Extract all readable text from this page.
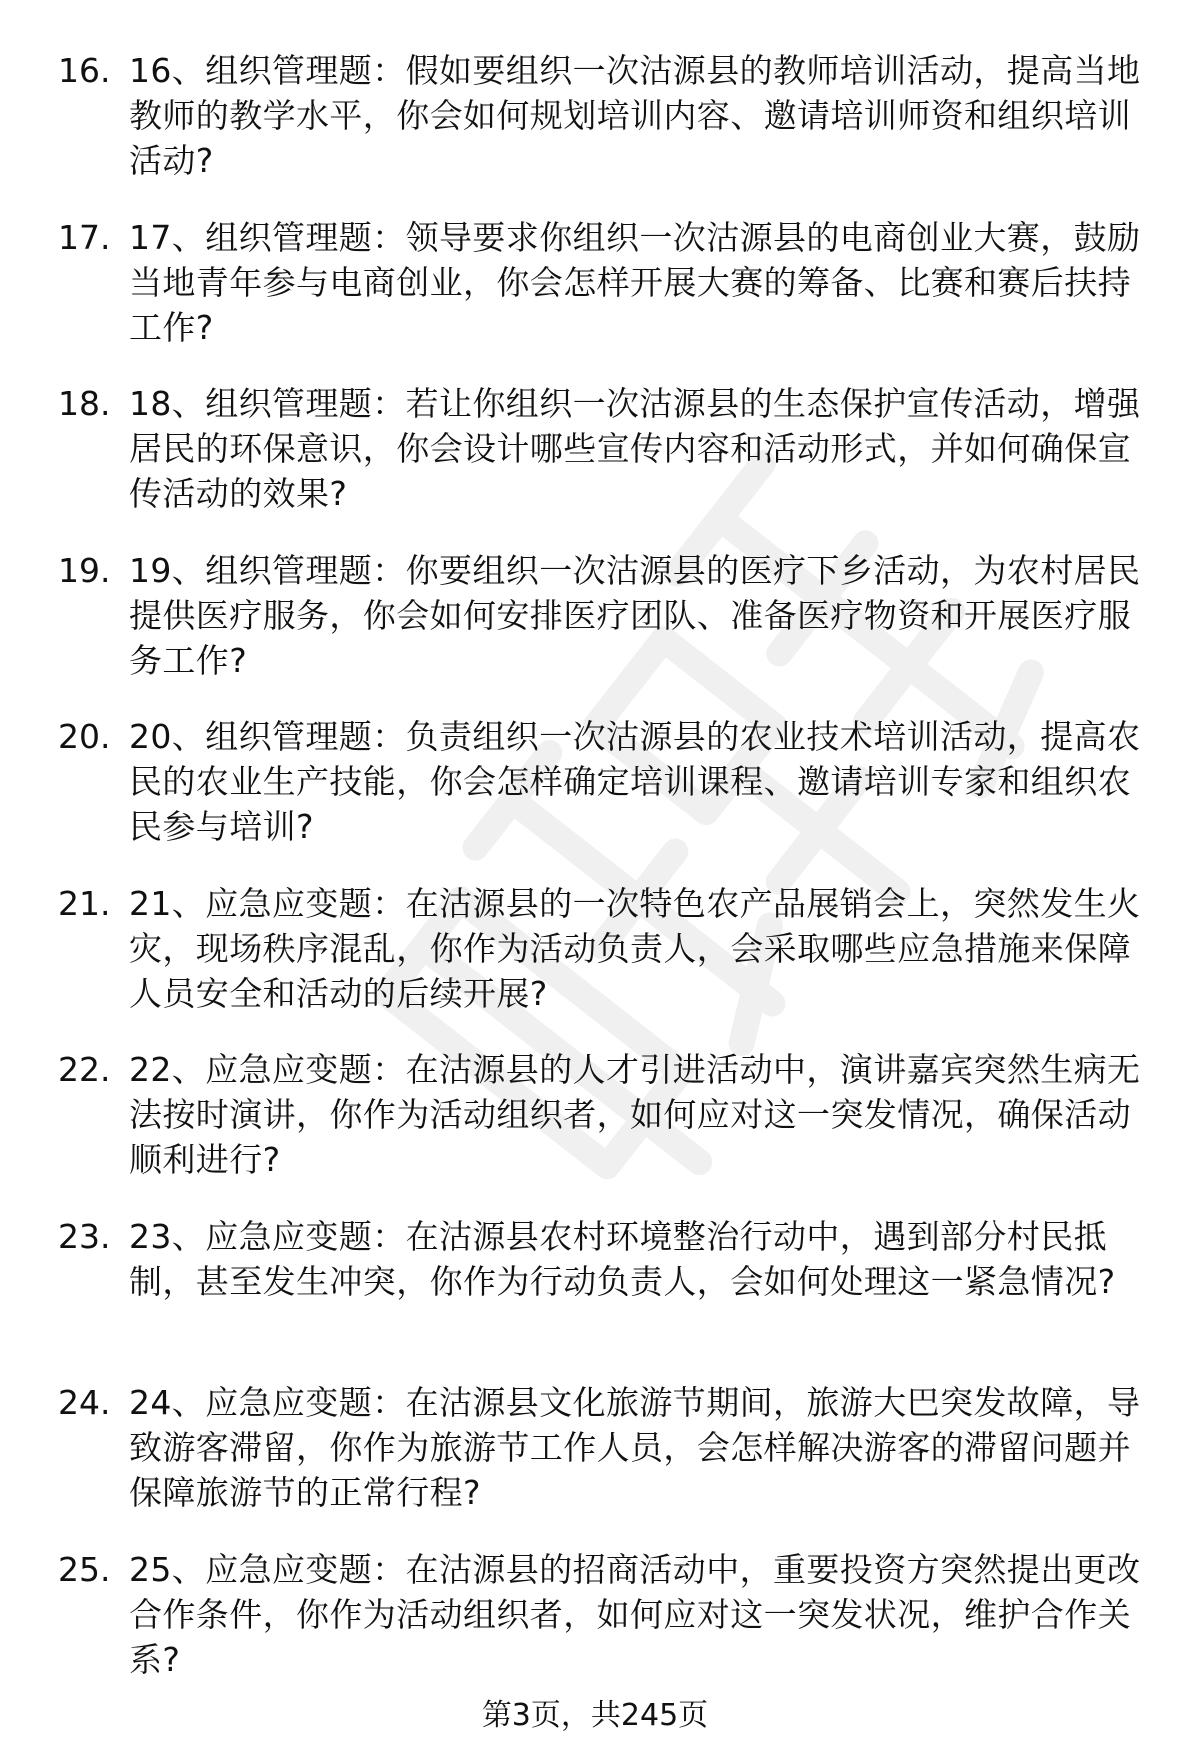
16. 16、组织管理题：假如要组织一次沽源县的教师培训活动，提高当地教师的教学水平，你会如何规划培训内容、邀请培训师资和组织培训活动?
17. 17、组织管理题：领导要求你组织一次沽源县的电商创业大赛，鼓励当地青年参与电商创业，你会怎样开展大赛的筹备、比赛和赛后扶持工作?
18. 18、组织管理题：若让你组织一次沽源县的生态保护宣传活动，增强居民的环保意识，你会设计哪些宣传内容和活动形式，并如何确保宣传活动的效果?
19. 19、组织管理题：你要组织一次沽源县的医疗下乡活动，为农村居民提供医疗服务，你会如何安排医疗团队、准备医疗物资和开展医疗服务工作?
20. 20、组织管理题：负责组织一次沽源县的农业技术培训活动，提高农民的农业生产技能，你会怎样确定培训课程、邀请培训专家和组织农民参与培训?
21. 21、应急应变题：在沽源县的一次特色农产品展销会上，突然发生火灾，现场秩序混乱，你作为活动负责人，会采取哪些应急措施来保障人员安全和活动的后续开展?
22. 22、应急应变题：在沽源县的人才引进活动中，演讲嘉宾突然生病无法按时演讲，你作为活动组织者，如何应对这一突发情况，确保活动顺利进行?
23. 23、应急应变题：在沽源县农村环境整治行动中，遇到部分村民抵制，甚至发生冲突，你作为行动负责人，会如何处理这一紧急情况?
24. 24、应急应变题：在沽源县文化旅游节期间，旅游大巴突发故障，导致游客滞留，你作为旅游节工作人员，会怎样解决游客的滞留问题并保障旅游节的正常行程?
25. 25、应急应变题：在沽源县的招商活动中，重要投资方突然提出更改合作条件，你作为活动组织者，如何应对这一突发状况，维护合作关系?
第3页，共245页
